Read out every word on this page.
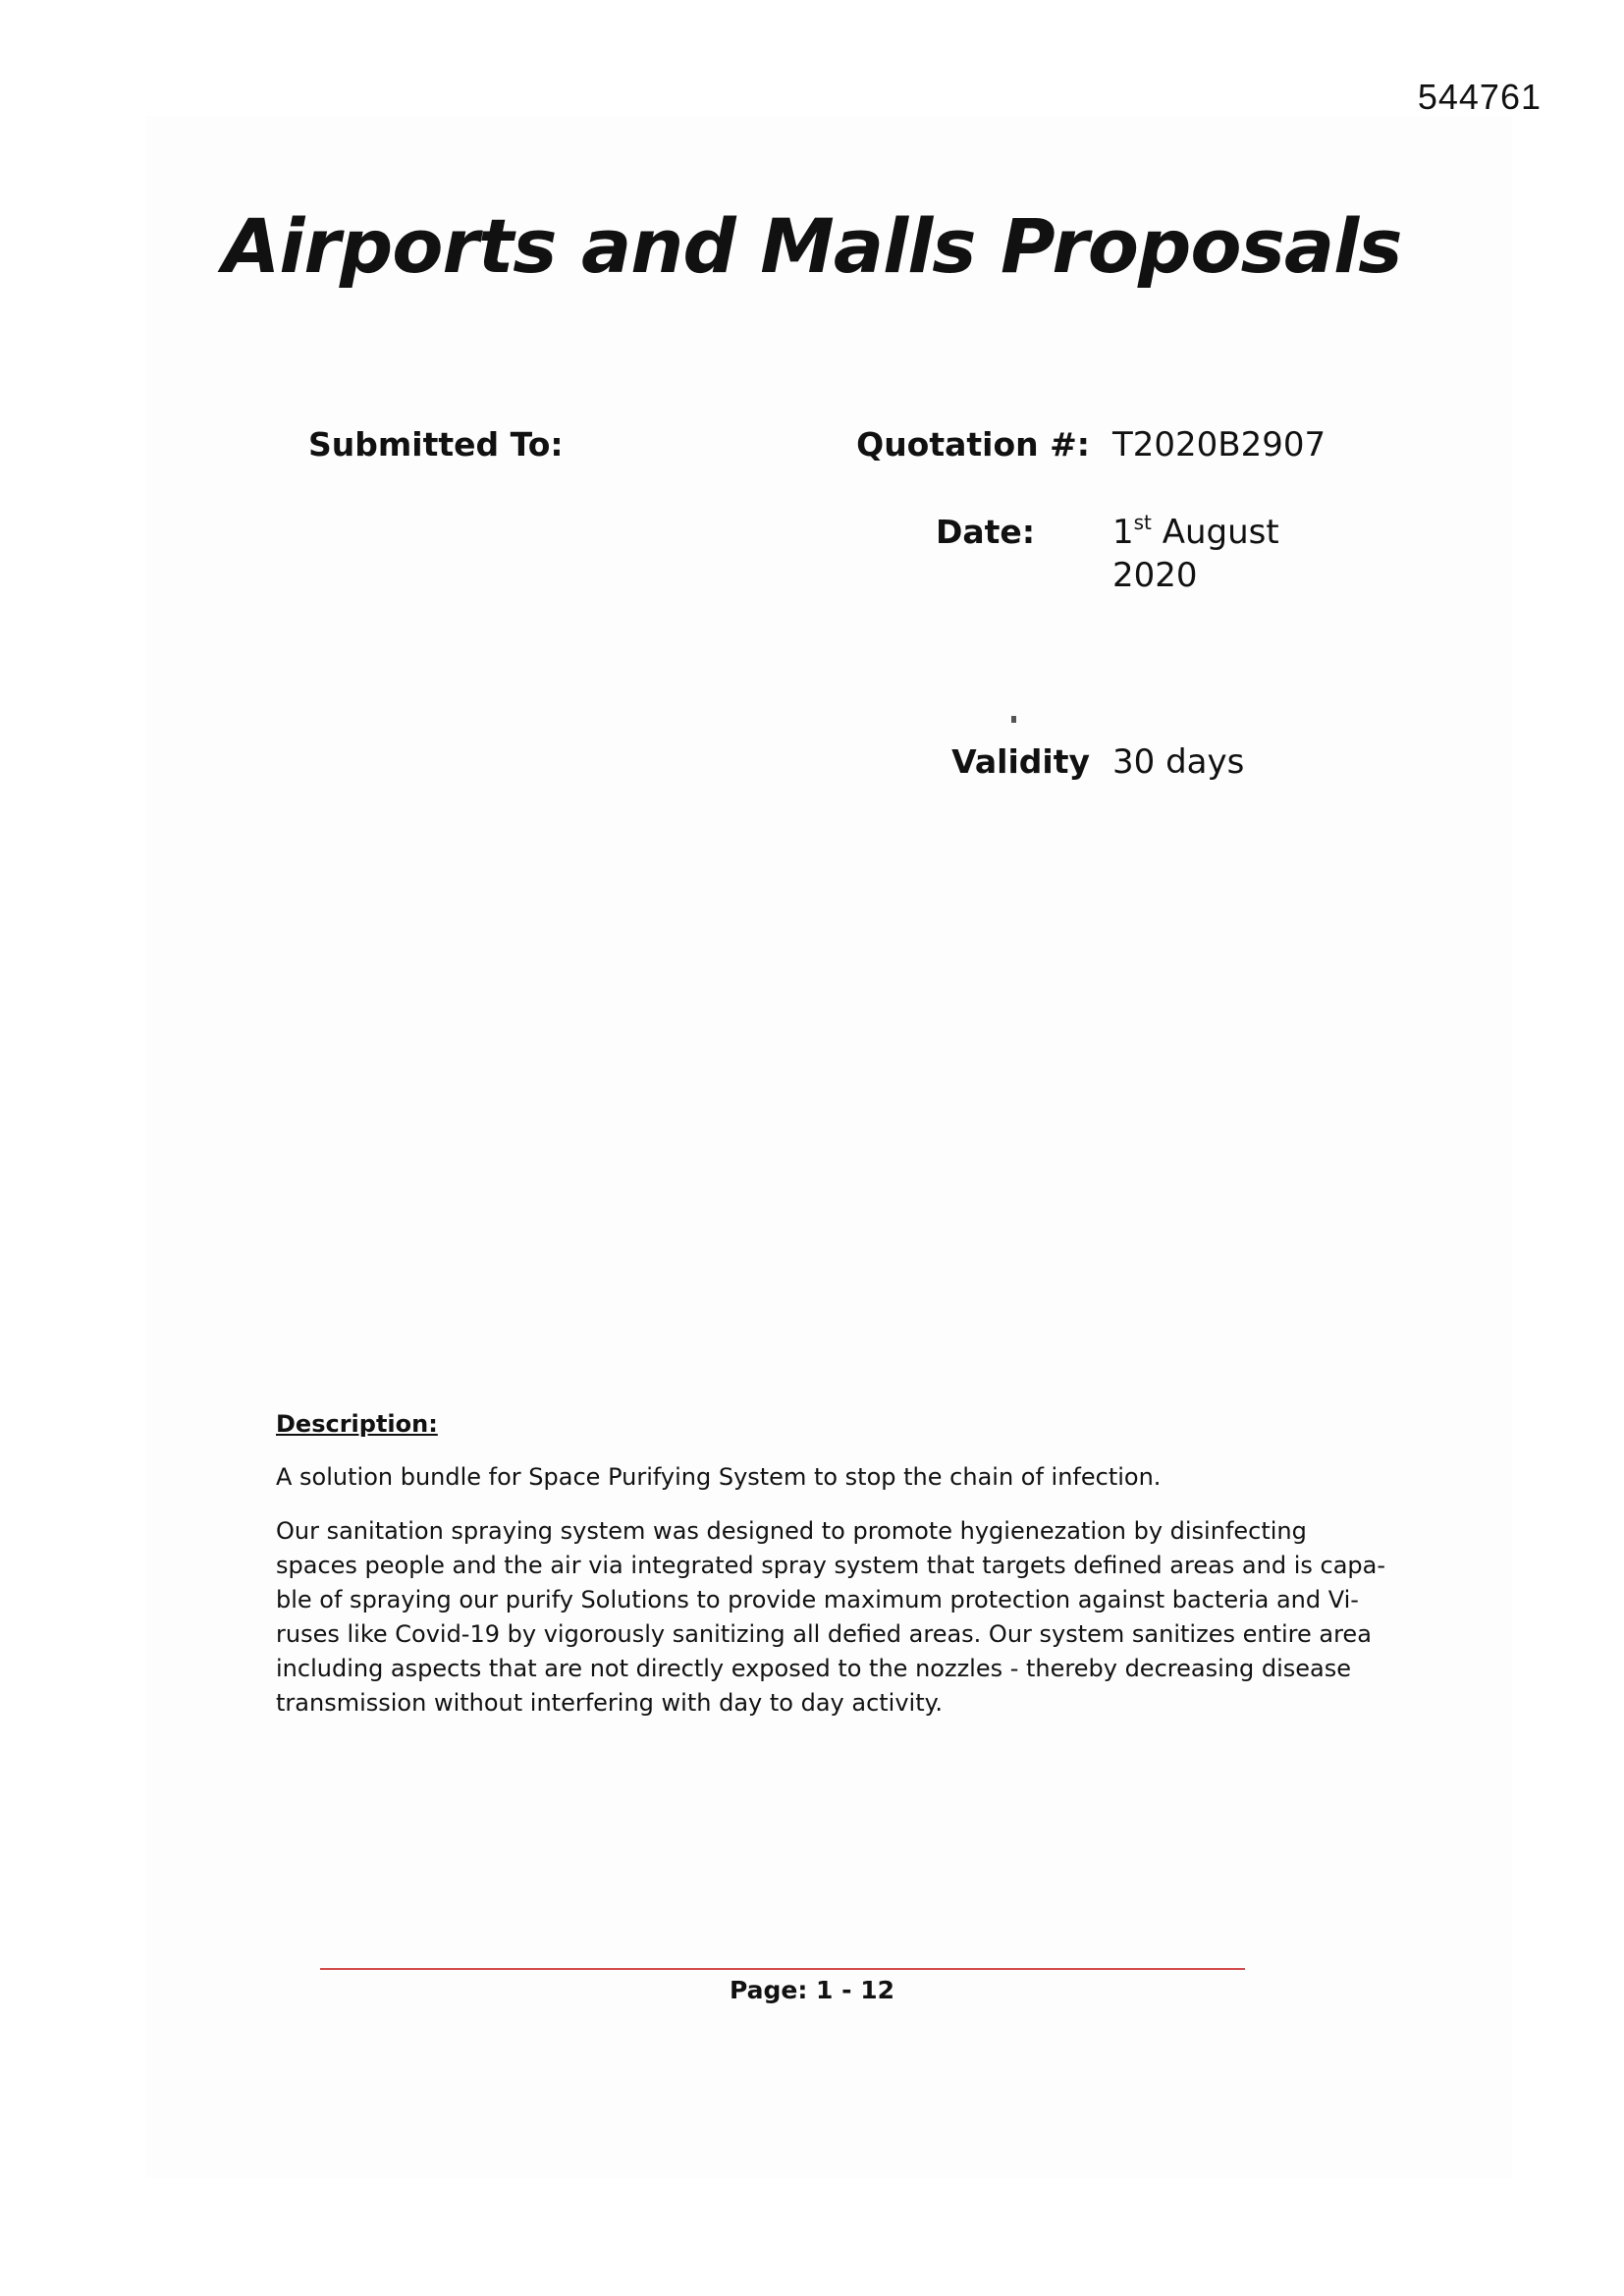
544761
Airports and Malls Proposals
Submitted To:	Quotation #: T2020B2907
Date: 1st August
2020
Validity 30 days
Description:
A solution bundle for Space Purifying System to stop the chain of infection.
Our sanitation spraying system was designed to promote hygienezation by disinfecting
spaces people and the air via integrated spray system that targets defined areas and is capa-
ble of spraying our purify Solutions to provide maximum protection against bacteria and Vi-
ruses like Covid-19 by vigorously sanitizing all defied areas. Our system sanitizes entire area
including aspects that are not directly exposed to the nozzles - thereby decreasing disease
transmission without interfering with day to day activity.
Page: 1 - 12
